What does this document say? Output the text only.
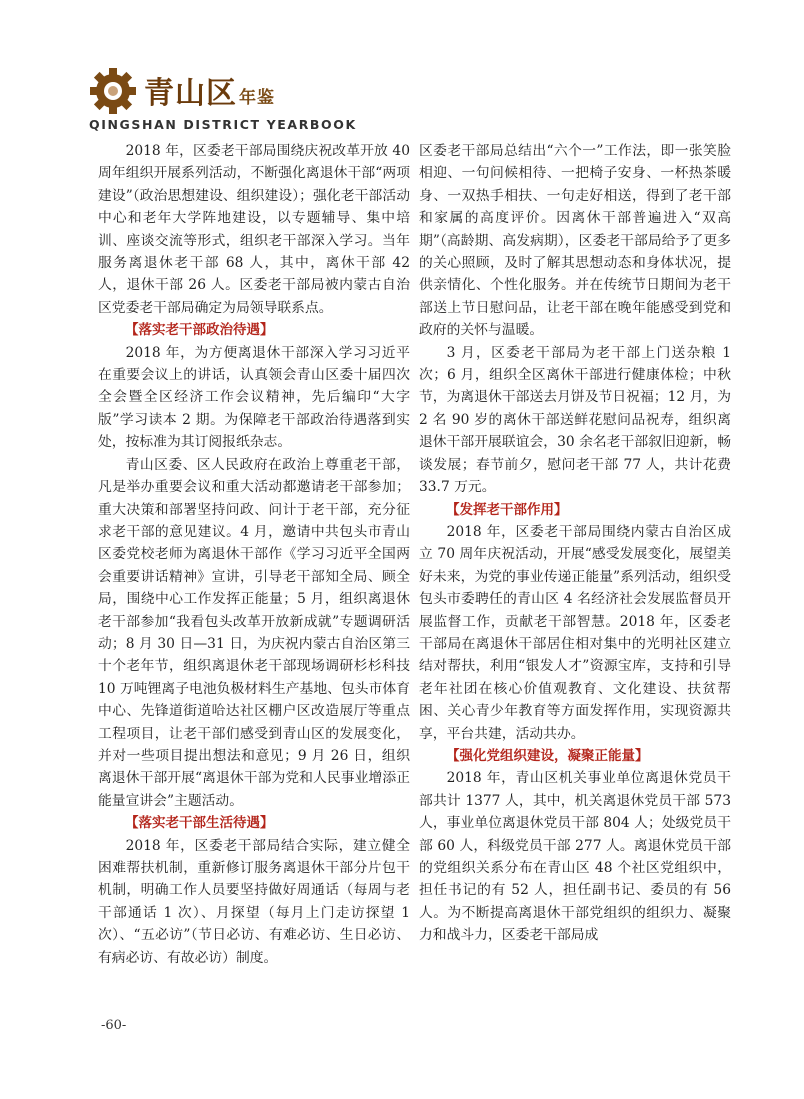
青山区 年鉴
QINGSHAN DISTRICT YEARBOOK

2018 年，区委老干部局围绕庆祝改革开放 40 周年组织开展系列活动，不断强化离退休干部“两项建设”（政治思想建设、组织建设）；强化老干部活动中心和老年大学阵地建设，以专题辅导、集中培训、座谈交流等形式，组织老干部深入学习。当年服务离退休老干部 68 人，其中，离休干部 42 人，退休干部 26 人。区委老干部局被内蒙古自治区党委老干部局确定为局领导联系点。

【落实老干部政治待遇】

2018 年，为方便离退休干部深入学习习近平在重要会议上的讲话，认真领会青山区委十届四次全会暨全区经济工作会议精神，先后编印“大字版”学习读本 2 期。为保障老干部政治待遇落到实处，按标准为其订阅报纸杂志。

青山区委、区人民政府在政治上尊重老干部，凡是举办重要会议和重大活动都邀请老干部参加；重大决策和部署坚持问政、问计于老干部，充分征求老干部的意见建议。4 月，邀请中共包头市青山区委党校老师为离退休干部作《学习习近平全国两会重要讲话精神》宣讲，引导老干部知全局、顾全局，围绕中心工作发挥正能量；5 月，组织离退休老干部参加“我看包头改革开放新成就”专题调研活动；8 月 30 日—31 日，为庆祝内蒙古自治区第三十个老年节，组织离退休老干部现场调研杉杉科技 10 万吨锂离子电池负极材料生产基地、包头市体育中心、先锋道街道哈达社区棚户区改造展厅等重点工程项目，让老干部们感受到青山区的发展变化，并对一些项目提出想法和意见；9 月 26 日，组织离退休干部开展“离退休干部为党和人民事业增添正能量宣讲会”主题活动。

【落实老干部生活待遇】

2018 年，区委老干部局结合实际，建立健全困难帮扶机制，重新修订服务离退休干部分片包干机制，明确工作人员要坚持做好周通话（每周与老干部通话 1 次）、月探望（每月上门走访探望 1 次）、“五必访”（节日必访、有难必访、生日必访、有病必访、有故必访）制度。

区委老干部局总结出“六个一”工作法，即一张笑脸相迎、一句问候相待、一把椅子安身、一杯热茶暖身、一双热手相扶、一句走好相送，得到了老干部和家属的高度评价。因离休干部普遍进入“双高期”（高龄期、高发病期），区委老干部局给予了更多的关心照顾，及时了解其思想动态和身体状况，提供亲情化、个性化服务。并在传统节日期间为老干部送上节日慰问品，让老干部在晚年能感受到党和政府的关怀与温暖。

3 月，区委老干部局为老干部上门送杂粮 1 次；6 月，组织全区离休干部进行健康体检；中秋节，为离退休干部送去月饼及节日祝福；12 月，为 2 名 90 岁的离休干部送鲜花慰问品祝寿，组织离退休干部开展联谊会，30 余名老干部叙旧迎新，畅谈发展；春节前夕，慰问老干部 77 人，共计花费 33.7 万元。

【发挥老干部作用】

2018 年，区委老干部局围绕内蒙古自治区成立 70 周年庆祝活动，开展“感受发展变化，展望美好未来，为党的事业传递正能量”系列活动，组织受包头市委聘任的青山区 4 名经济社会发展监督员开展监督工作，贡献老干部智慧。2018 年，区委老干部局在离退休干部居住相对集中的光明社区建立结对帮扶，利用“银发人才”资源宝库，支持和引导老年社团在核心价值观教育、文化建设、扶贫帮困、关心青少年教育等方面发挥作用，实现资源共享，平台共建，活动共办。

【强化党组织建设，凝聚正能量】

2018 年，青山区机关事业单位离退休党员干部共计 1377 人，其中，机关离退休党员干部 573 人，事业单位离退休党员干部 804 人；处级党员干部 60 人，科级党员干部 277 人。离退休党员干部的党组织关系分布在青山区 48 个社区党组织中，担任书记的有 52 人，担任副书记、委员的有 56 人。为不断提高离退休干部党组织的组织力、凝聚力和战斗力，区委老干部局成

-60-
